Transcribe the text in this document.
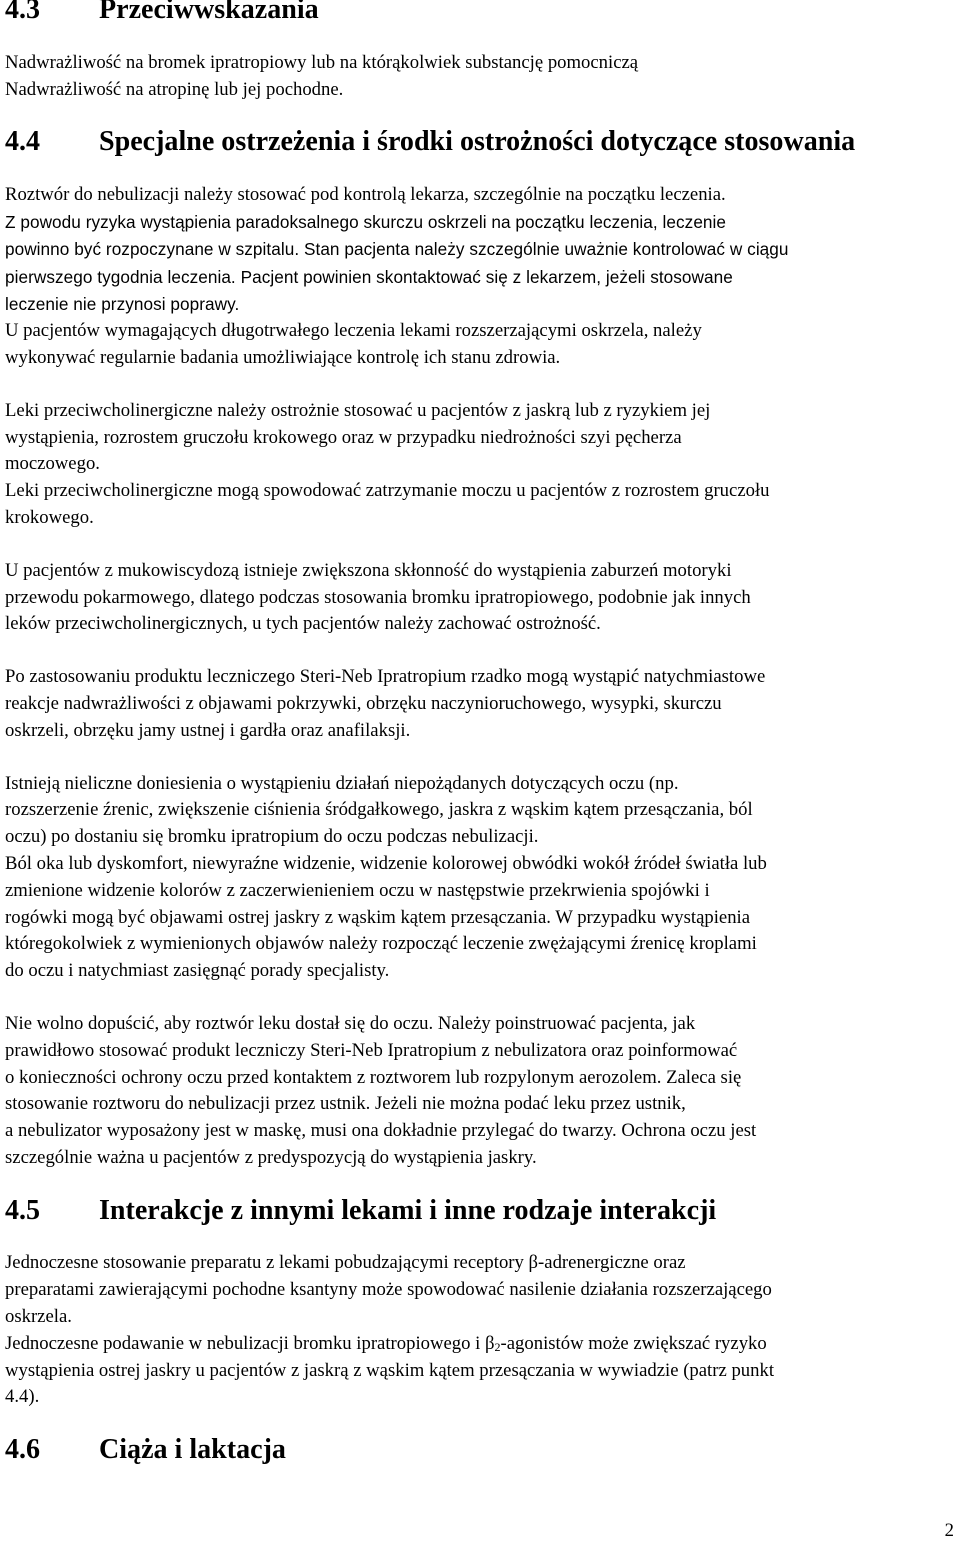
4.3 Przeciwwskazania

Nadwrażliwość na bromek ipratropiowy lub na którąkolwiek substancję pomocniczą

Nadwrażliwość na atropinę lub jej pochodne.

4.4 Specjalne ostrzeżenia i środki ostrożności dotyczące stosowania

Roztwór do nebulizacji należy stosować pod kontrolą lekarza, szczególnie na początku leczenia.

Z powodu ryzyka wystąpienia paradoksalnego skurczu oskrzeli na początku leczenia, leczenie

powinno być rozpoczynane w szpitalu. Stan pacjenta należy szczególnie uważnie kontrolować w ciągu

pierwszego tygodnia leczenia. Pacjent powinien skontaktować się z lekarzem, jeżeli stosowane

leczenie nie przynosi poprawy.

U pacjentów wymagających długotrwałego leczenia lekami rozszerzającymi oskrzela, należy

wykonywać regularnie badania umożliwiające kontrolę ich stanu zdrowia.

Leki przeciwcholinergiczne należy ostrożnie stosować u pacjentów z jaskrą lub z ryzykiem jej

wystąpienia, rozrostem gruczołu krokowego oraz w przypadku niedrożności szyi pęcherza

moczowego.

Leki przeciwcholinergiczne mogą spowodować zatrzymanie moczu u pacjentów z rozrostem gruczołu

krokowego.

U pacjentów z mukowiscydozą istnieje zwiększona skłonność do wystąpienia zaburzeń motoryki

przewodu pokarmowego, dlatego podczas stosowania bromku ipratropiowego, podobnie jak innych

leków przeciwcholinergicznych, u tych pacjentów należy zachować ostrożność.

Po zastosowaniu produktu leczniczego Steri-Neb Ipratropium rzadko mogą wystąpić natychmiastowe

reakcje nadwrażliwości z objawami pokrzywki, obrzęku naczynioruchowego, wysypki, skurczu

oskrzeli, obrzęku jamy ustnej i gardła oraz anafilaksji.

Istnieją nieliczne doniesienia o wystąpieniu działań niepożądanych dotyczących oczu (np.

rozszerzenie źrenic, zwiększenie ciśnienia śródgałkowego, jaskra z wąskim kątem przesączania, ból

oczu) po dostaniu się bromku ipratropium do oczu podczas nebulizacji.

Ból oka lub dyskomfort, niewyraźne widzenie, widzenie kolorowej obwódki wokół źródeł światła lub

zmienione widzenie kolorów z zaczerwienieniem oczu w następstwie przekrwienia spojówki i

rogówki mogą być objawami ostrej jaskry z wąskim kątem przesączania. W przypadku wystąpienia

któregokolwiek z wymienionych objawów należy rozpocząć leczenie zwężającymi źrenicę kroplami

do oczu i natychmiast zasięgnąć porady specjalisty.

Nie wolno dopuścić, aby roztwór leku dostał się do oczu. Należy poinstruować pacjenta, jak

prawidłowo stosować produkt leczniczy Steri-Neb Ipratropium z nebulizatora oraz poinformować

o konieczności ochrony oczu przed kontaktem z roztworem lub rozpylonym aerozolem. Zaleca się

stosowanie roztworu do nebulizacji przez ustnik. Jeżeli nie można podać leku przez ustnik,

a nebulizator wyposażony jest w maskę, musi ona dokładnie przylegać do twarzy. Ochrona oczu jest

szczególnie ważna u pacjentów z predyspozycją do wystąpienia jaskry.

4.5 Interakcje z innymi lekami i inne rodzaje interakcji

Jednoczesne stosowanie preparatu z lekami pobudzającymi receptory β-adrenergiczne oraz

preparatami zawierającymi pochodne ksantyny może spowodować nasilenie działania rozszerzającego

oskrzela.

Jednoczesne podawanie w nebulizacji bromku ipratropiowego i $\beta_2$-agonistów może zwiększać ryzyko

wystąpienia ostrej jaskry u pacjentów z jaskrą z wąskim kątem przesączania w wywiadzie (patrz punkt

4.4).

4.6 Ciąża i laktacja
2
